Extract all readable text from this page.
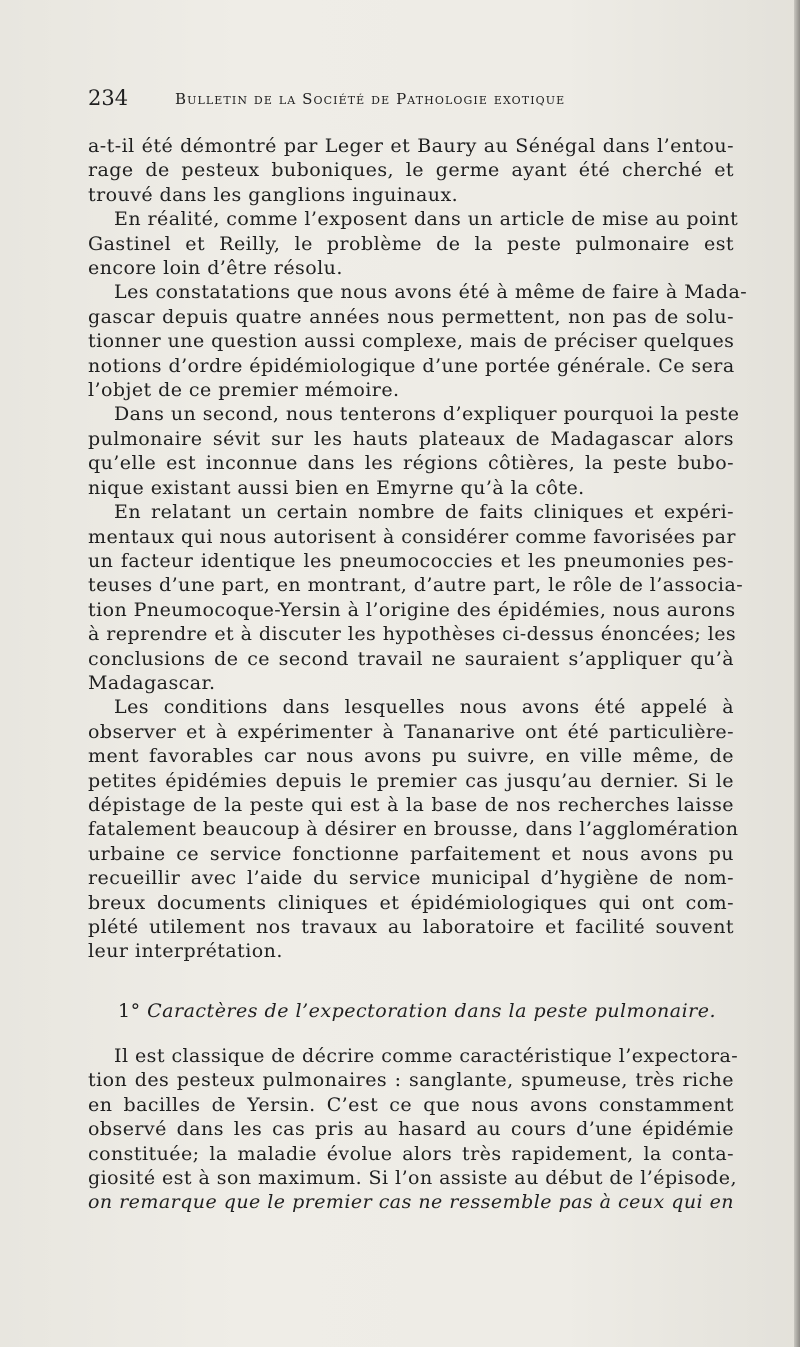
234	Bulletin de la Société de Pathologie exotique

a-t-il été démontré par Leger et Baury au Sénégal dans l’entou-
rage de pesteux buboniques, le germe ayant été cherché et
trouvé dans les ganglions inguinaux.

En réalité, comme l’exposent dans un article de mise au point
Gastinel et Reilly, le problème de la peste pulmonaire est
encore loin d’être résolu.

Les constatations que nous avons été à même de faire à Mada-
gascar depuis quatre années nous permettent, non pas de solu-
tionner une question aussi complexe, mais de préciser quelques
notions d’ordre épidémiologique d’une portée générale. Ce sera
l’objet de ce premier mémoire.

Dans un second, nous tenterons d’expliquer pourquoi la peste
pulmonaire sévit sur les hauts plateaux de Madagascar alors
qu’elle est inconnue dans les régions côtières, la peste bubo-
nique existant aussi bien en Emyrne qu’à la côte.

En relatant un certain nombre de faits cliniques et expéri-
mentaux qui nous autorisent à considérer comme favorisées par
un facteur identique les pneumococcies et les pneumonies pes-
teuses d’une part, en montrant, d’autre part, le rôle de l’associa-
tion Pneumocoque-Yersin à l’origine des épidémies, nous aurons
à reprendre et à discuter les hypothèses ci-dessus énoncées; les
conclusions de ce second travail ne sauraient s’appliquer qu’à
Madagascar.

Les conditions dans lesquelles nous avons été appelé à
observer et à expérimenter à Tananarive ont été particulière-
ment favorables car nous avons pu suivre, en ville même, de
petites épidémies depuis le premier cas jusqu’au dernier. Si le
dépistage de la peste qui est à la base de nos recherches laisse
fatalement beaucoup à désirer en brousse, dans l’agglomération
urbaine ce service fonctionne parfaitement et nous avons pu
recueillir avec l’aide du service municipal d’hygiène de nom-
breux documents cliniques et épidémiologiques qui ont com-
plété utilement nos travaux au laboratoire et facilité souvent
leur interprétation.

1° Caractères de l’expectoration dans la peste pulmonaire.

Il est classique de décrire comme caractéristique l’expectora-
tion des pesteux pulmonaires : sanglante, spumeuse, très riche
en bacilles de Yersin. C’est ce que nous avons constamment
observé dans les cas pris au hasard au cours d’une épidémie
constituée; la maladie évolue alors très rapidement, la conta-
giosité est à son maximum. Si l’on assiste au début de l’épisode,
on remarque que le premier cas ne ressemble pas à ceux qui en
